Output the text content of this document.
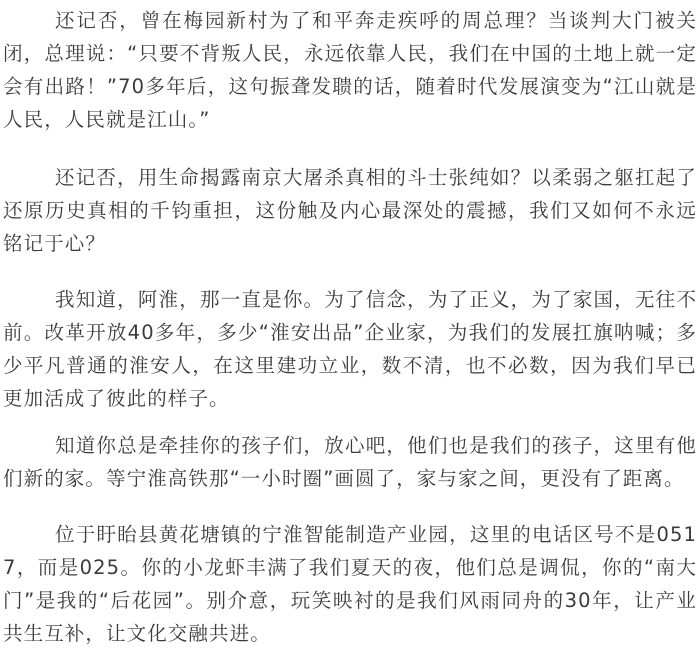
还记否，曾在梅园新村为了和平奔走疾呼的周总理？当谈判大门被关闭，总理说：“只要不背叛人民，永远依靠人民，我们在中国的土地上就一定会有出路！”70多年后，这句振聋发聩的话，随着时代发展演变为“江山就是人民，人民就是江山。”

还记否，用生命揭露南京大屠杀真相的斗士张纯如？以柔弱之躯扛起了还原历史真相的千钧重担，这份触及内心最深处的震撼，我们又如何不永远铭记于心？

我知道，阿淮，那一直是你。为了信念，为了正义，为了家国，无往不前。改革开放40多年，多少“淮安出品”企业家，为我们的发展扛旗呐喊；多少平凡普通的淮安人，在这里建功立业，数不清，也不必数，因为我们早已更加活成了彼此的样子。

知道你总是牵挂你的孩子们，放心吧，他们也是我们的孩子，这里有他们新的家。等宁淮高铁那“一小时圈”画圆了，家与家之间，更没有了距离。

位于盱眙县黄花塘镇的宁淮智能制造产业园，这里的电话区号不是0517，而是025。你的小龙虾丰满了我们夏天的夜，他们总是调侃，你的“南大门”是我的“后花园”。别介意，玩笑映衬的是我们风雨同舟的30年，让产业共生互补，让文化交融共进。
